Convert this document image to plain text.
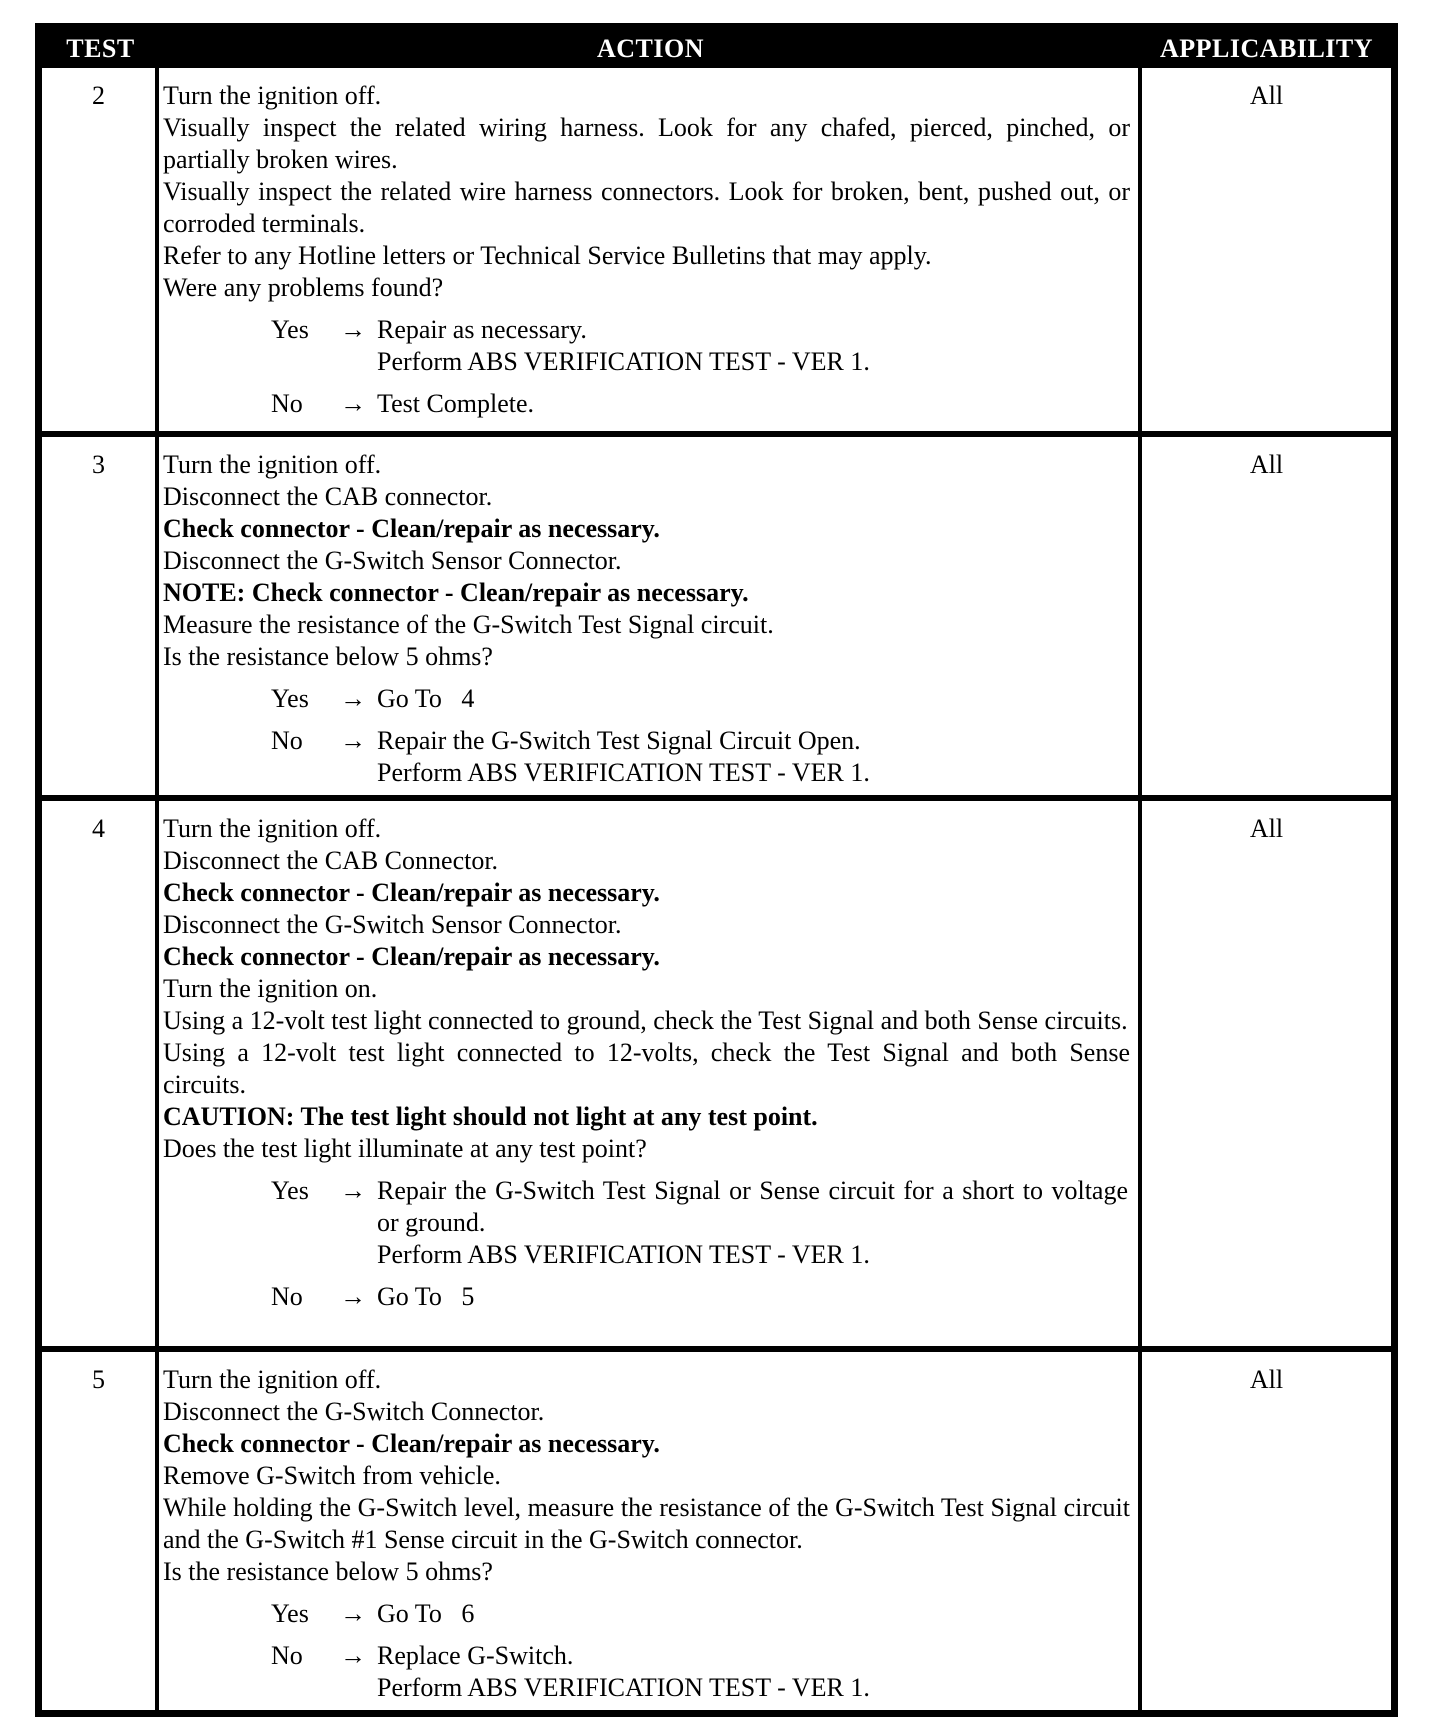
TEST	ACTION	APPLICABILITY
2	Turn the ignition off.

Visually inspect the related wiring harness. Look for any chafed, pierced, pinched, or partially broken wires.

Visually inspect the related wire harness connectors. Look for broken, bent, pushed out, or corroded terminals.

Refer to any Hotline letters or Technical Service Bulletins that may apply.

Were any problems found?

Yes	→ Repair as necessary.

Perform ABS VERIFICATION TEST - VER 1.

No	→ Test Complete.

All
3	Turn the ignition off.

Disconnect the CAB connector.

Check connector - Clean/repair as necessary.

Disconnect the G-Switch Sensor Connector.

NOTE: Check connector - Clean/repair as necessary.

Measure the resistance of the G-Switch Test Signal circuit.

Is the resistance below 5 ohms?

Yes	→ Go To   4

No	→ Repair the G-Switch Test Signal Circuit Open.

Perform ABS VERIFICATION TEST - VER 1.

All
4	Turn the ignition off.

Disconnect the CAB Connector.

Check connector - Clean/repair as necessary.

Disconnect the G-Switch Sensor Connector.

Check connector - Clean/repair as necessary.

Turn the ignition on.

Using a 12-volt test light connected to ground, check the Test Signal and both Sense circuits.

Using a 12-volt test light connected to 12-volts, check the Test Signal and both Sense circuits.

CAUTION: The test light should not light at any test point.

Does the test light illuminate at any test point?

Yes	→ Repair the G-Switch Test Signal or Sense circuit for a short to voltage or ground.

Perform ABS VERIFICATION TEST - VER 1.

No	→ Go To   5

All
5	Turn the ignition off.

Disconnect the G-Switch Connector.

Check connector - Clean/repair as necessary.

Remove G-Switch from vehicle.

While holding the G-Switch level, measure the resistance of the G-Switch Test Signal circuit and the G-Switch #1 Sense circuit in the G-Switch connector.

Is the resistance below 5 ohms?

Yes	→ Go To   6

No	→ Replace G-Switch.

Perform ABS VERIFICATION TEST - VER 1.

All
